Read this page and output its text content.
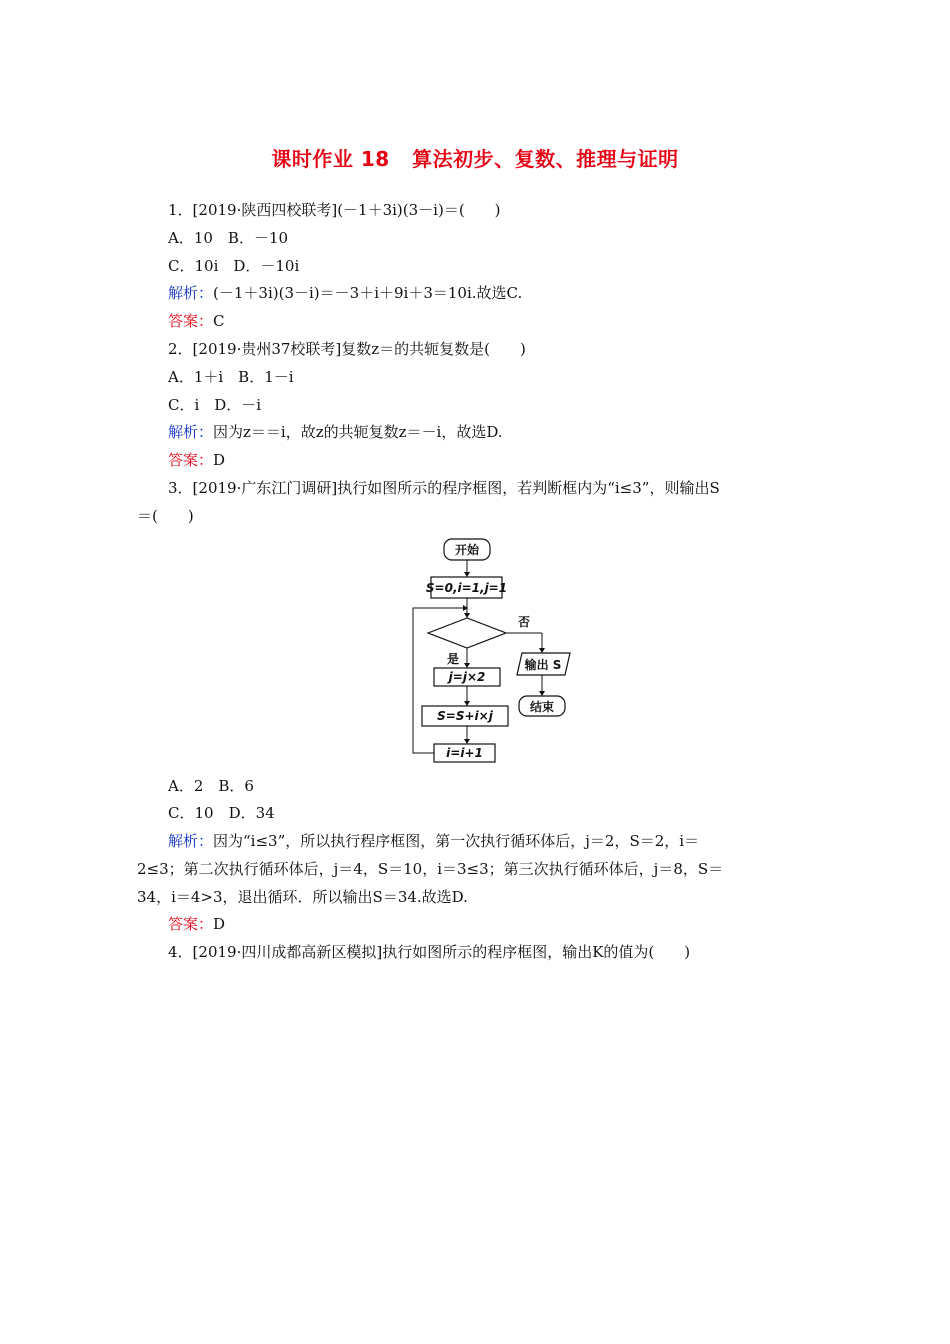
课时作业 18   算法初步、复数、推理与证明
1．[2019·陕西四校联考](－1＋3i)(3－i)＝(　　)
A．10　B．－10
C．10i　D．－10i
解析：(－1＋3i)(3－i)＝－3＋i＋9i＋3＝10i.故选C.
答案：C
2．[2019·贵州37校联考]复数z＝的共轭复数是(　　)
A．1＋i　B．1－i
C．i　D．－i
解析：因为z＝＝i，故z的共轭复数z＝－i，故选D.
答案：D
3．[2019·广东江门调研]执行如图所示的程序框图，若判断框内为“i≤3”，则输出S
＝(　　)
开始
S=0,i=1,j=1
否
输出 S
结束
是
j=j×2
S=S+i×j
i=i+1
A．2　B．6
C．10　D．34
解析：因为“i≤3”，所以执行程序框图，第一次执行循环体后，j＝2，S＝2，i＝
2≤3；第二次执行循环体后，j＝4，S＝10，i＝3≤3；第三次执行循环体后，j＝8，S＝
34，i＝4>3，退出循环．所以输出S＝34.故选D.
答案：D
4．[2019·四川成都高新区模拟]执行如图所示的程序框图，输出K的值为(　　)
